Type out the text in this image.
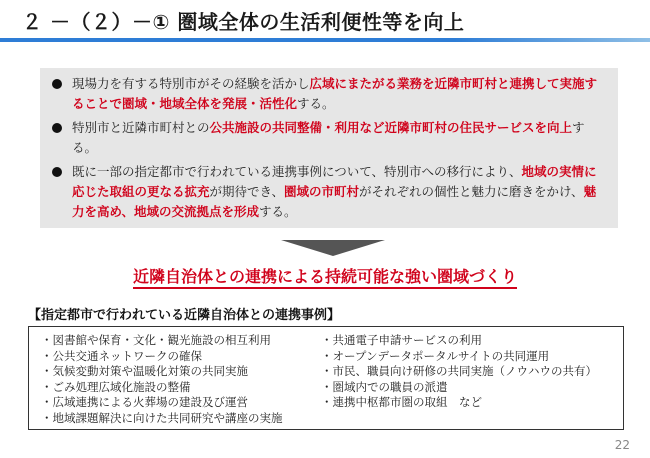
２ －（２）－① 圏域全体の生活利便性等を向上
現場力を有する特別市がその経験を活かし広域にまたがる業務を近隣市町村と連携して実施することで圏域・地域全体を発展・活性化する。
特別市と近隣市町村との公共施設の共同整備・利用など近隣市町村の住民サービスを向上する。
既に一部の指定都市で行われている連携事例について、特別市への移行により、地域の実情に応じた取組の更なる拡充が期待でき、圏域の市町村がそれぞれの個性と魅力に磨きをかけ、魅力を高め、地域の交流拠点を形成する。
近隣自治体との連携による持続可能な強い圏域づくり
【指定都市で行われている近隣自治体との連携事例】
・図書館や保育・文化・観光施設の相互利用
・公共交通ネットワークの確保
・気候変動対策や温暖化対策の共同実施
・ごみ処理広域化施設の整備
・広域連携による火葬場の建設及び運営
・地域課題解決に向けた共同研究や講座の実施
・共通電子申請サービスの利用
・オープンデータポータルサイトの共同運用
・市民、職員向け研修の共同実施（ノウハウの共有）
・圏域内での職員の派遣
・連携中枢都市圏の取組　など
22
